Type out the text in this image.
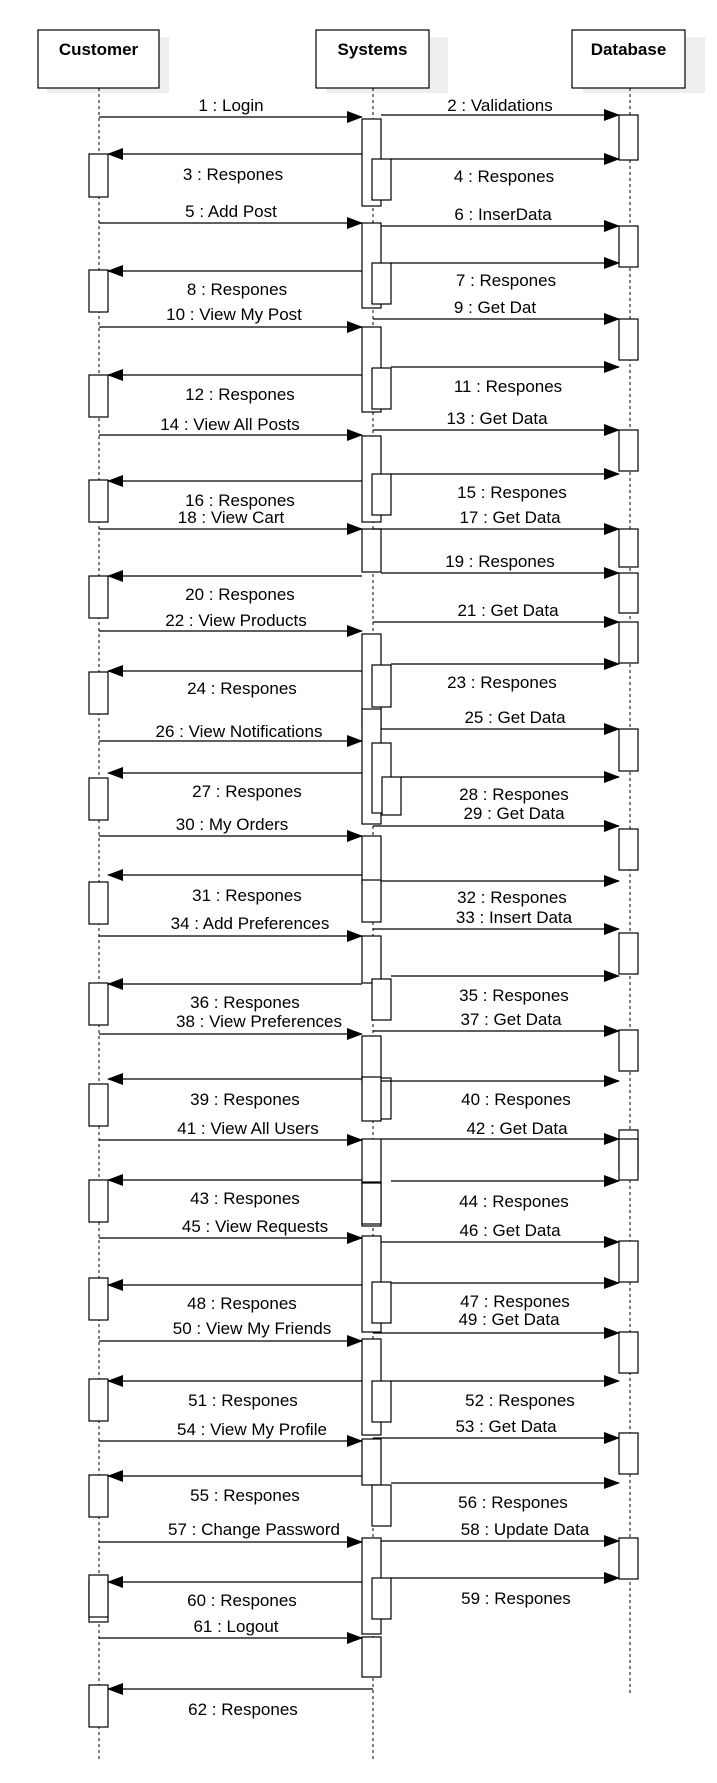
Customer	Systems	Database
1 : Login	2 : Validations
3 : Respones	4 : Respones
5 : Add Post	6 : InserData
7 : Respones
8 : Respones
9 : Get Dat
10 : View My Post
11 : Respones
12 : Respones
13 : Get Data
14 : View All Posts
15 : Respones
16 : Respones
17 : Get Data
18 : View Cart
19 : Respones
20 : Respones
21 : Get Data
22 : View Products
23 : Respones
24 : Respones
25 : Get Data
26 : View Notifications
27 : Respones	28 : Respones
29 : Get Data
30 : My Orders
31 : Respones	32 : Respones
33 : Insert Data
34 : Add Preferences
35 : Respones
36 : Respones
37 : Get Data
38 : View Preferences
39 : Respones	40 : Respones
41 : View All Users	42 : Get Data
43 : Respones	44 : Respones
45 : View Requests	46 : Get Data
47 : Respones
48 : Respones
49 : Get Data
50 : View My Friends
51 : Respones	52 : Respones
53 : Get Data
54 : View My Profile
55 : Respones	56 : Respones
57 : Change Password	58 : Update Data
59 : Respones
60 : Respones
61 : Logout
62 : Respones
